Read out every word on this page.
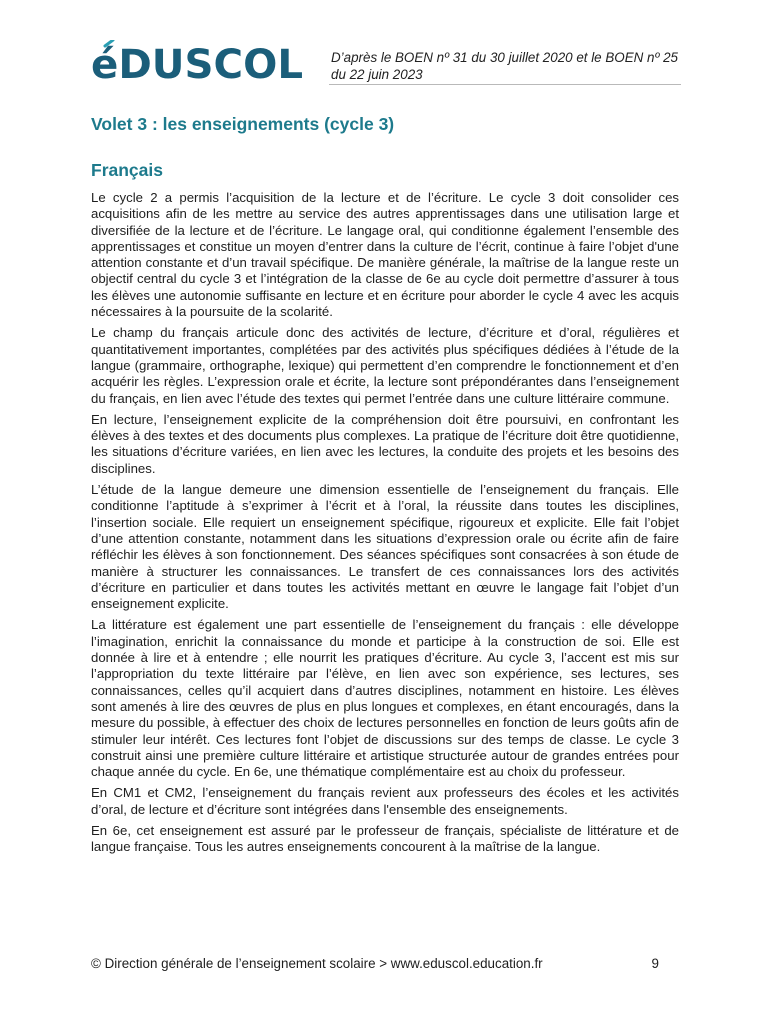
éDUSCOL D’après le BOEN nº 31 du 30 juillet 2020 et le BOEN nº 25 du 22 juin 2023
Volet 3 : les enseignements (cycle 3)
Français

Le cycle 2 a permis l’acquisition de la lecture et de l’écriture. Le cycle 3 doit consolider ces acquisitions afin de les mettre au service des autres apprentissages dans une utilisation large et diversifiée de la lecture et de l’écriture. Le langage oral, qui conditionne également l’ensemble des apprentissages et constitue un moyen d’entrer dans la culture de l’écrit, continue à faire l’objet d'une attention constante et d’un travail spécifique. De manière générale, la maîtrise de la langue reste un objectif central du cycle 3 et l’intégration de la classe de 6e au cycle doit permettre d’assurer à tous les élèves une autonomie suffisante en lecture et en écriture pour aborder le cycle 4 avec les acquis nécessaires à la poursuite de la scolarité.

Le champ du français articule donc des activités de lecture, d’écriture et d’oral, régulières et quantitativement importantes, complétées par des activités plus spécifiques dédiées à l’étude de la langue (grammaire, orthographe, lexique) qui permettent d’en comprendre le fonctionnement et d’en acquérir les règles. L’expression orale et écrite, la lecture sont prépondérantes dans l’enseignement du français, en lien avec l’étude des textes qui permet l’entrée dans une culture littéraire commune.

En lecture, l’enseignement explicite de la compréhension doit être poursuivi, en confrontant les élèves à des textes et des documents plus complexes. La pratique de l’écriture doit être quotidienne, les situations d’écriture variées, en lien avec les lectures, la conduite des projets et les besoins des disciplines.

L’étude de la langue demeure une dimension essentielle de l’enseignement du français. Elle conditionne l’aptitude à s’exprimer à l’écrit et à l’oral, la réussite dans toutes les disciplines, l’insertion sociale. Elle requiert un enseignement spécifique, rigoureux et explicite. Elle fait l’objet d’une attention constante, notamment dans les situations d’expression orale ou écrite afin de faire réfléchir les élèves à son fonctionnement. Des séances spécifiques sont consacrées à son étude de manière à structurer les connaissances. Le transfert de ces connaissances lors des activités d’écriture en particulier et dans toutes les activités mettant en œuvre le langage fait l’objet d’un enseignement explicite.

La littérature est également une part essentielle de l’enseignement du français : elle développe l’imagination, enrichit la connaissance du monde et participe à la construction de soi. Elle est donnée à lire et à entendre ; elle nourrit les pratiques d’écriture. Au cycle 3, l’accent est mis sur l’appropriation du texte littéraire par l’élève, en lien avec son expérience, ses lectures, ses connaissances, celles qu’il acquiert dans d’autres disciplines, notamment en histoire. Les élèves sont amenés à lire des œuvres de plus en plus longues et complexes, en étant encouragés, dans la mesure du possible, à effectuer des choix de lectures personnelles en fonction de leurs goûts afin de stimuler leur intérêt. Ces lectures font l’objet de discussions sur des temps de classe. Le cycle 3 construit ainsi une première culture littéraire et artistique structurée autour de grandes entrées pour chaque année du cycle. En 6e, une thématique complémentaire est au choix du professeur.

En CM1 et CM2, l’enseignement du français revient aux professeurs des écoles et les activités d’oral, de lecture et d’écriture sont intégrées dans l'ensemble des enseignements.

En 6e, cet enseignement est assuré par le professeur de français, spécialiste de littérature et de langue française. Tous les autres enseignements concourent à la maîtrise de la langue.

© Direction générale de l’enseignement scolaire > www.eduscol.education.fr	9
